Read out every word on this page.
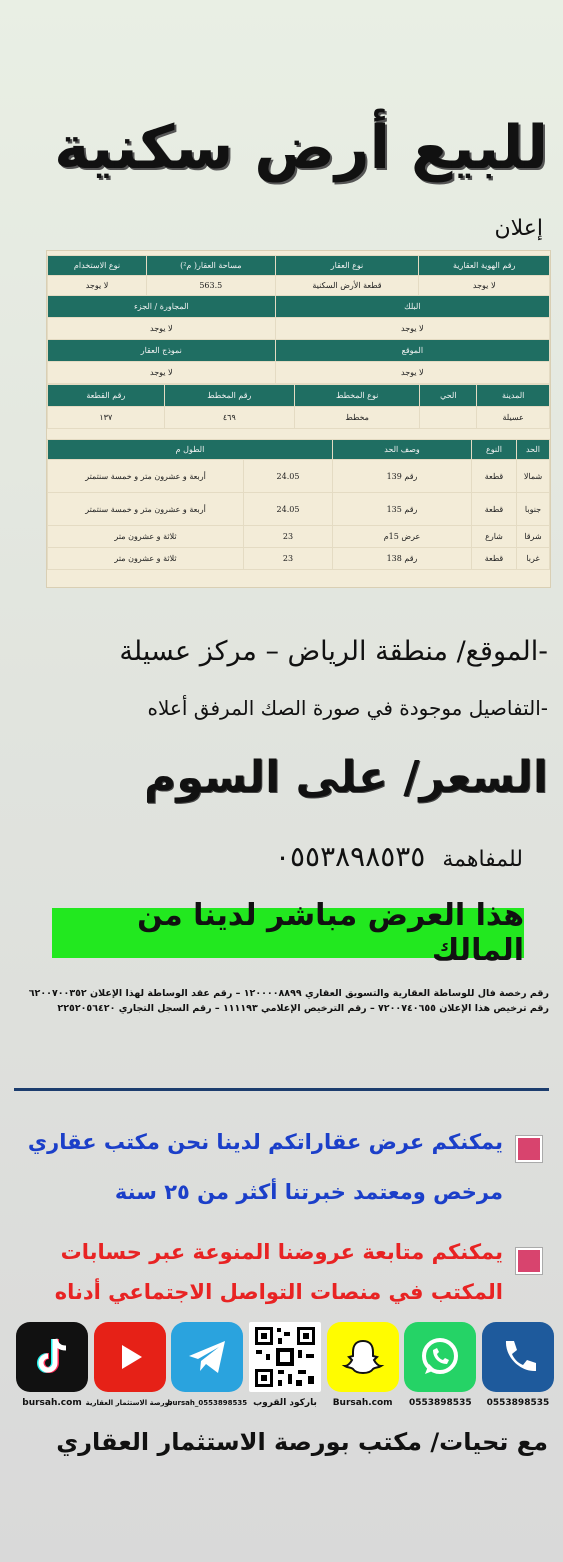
للبيع أرض سكنية
إعلان
رقم الهوية العقارية	نوع العقار	مساحة العقار( م²)	نوع الاستخدام
لا يوجد	قطعة الأرض السكنية	563.5	لا يوجد
البلك		المجاورة / الجزء	
لا يوجد		لا يوجد	
الموقع		نموذج العقار	
لا يوجد		لا يوجد	
المدينة	الحي	نوع المخطط	رقم المخطط	رقم القطعة
عسيلة		مخطط	٤٦٩	١٣٧
الحد	النوع	وصف الحد	الطول م	
شمالا	قطعة	رقم 139	24.05	أربعة و عشرون متر و خمسة سنتمتر
جنوبا	قطعة	رقم 135	24.05	أربعة و عشرون متر و خمسة سنتمتر
شرقا	شارع	عرض 15م	23	ثلاثة و عشرون متر
غربا	قطعة	رقم 138	23	ثلاثة و عشرون متر
-الموقع/ منطقة الرياض – مركز عسيلة
-التفاصيل موجودة في صورة الصك المرفق أعلاه
السعر/ على السوم
للمفاهمة ٠٥٥٣٨٩٨٥٣٥
هذا العرض مباشر لدينا من المالك
رقم رخصة فال للوساطة العقارية والتسويق العقاري ١٢٠٠٠٠٨٨٩٩ – رقم عقد الوساطة لهذا الإعلان ٦٢٠٠٧٠٠٣٥٢
رقم ترخيص هذا الإعلان ٧٢٠٠٧٤٠٦٥٥ – رقم الترخيص الإعلامي ١١١١٩٣ – رقم السجل التجاري ٢٢٥٢٠٥٦٤٢٠
يمكنكم عرض عقاراتكم لدينا نحن مكتب عقاري
مرخص ومعتمد خبرتنا أكثر من ٢٥ سنة
يمكنكم متابعة عروضنا المنوعة عبر حسابات
المكتب في منصات التواصل الاجتماعي أدناه
bursah.com بورصة الاستثمار العقارية
bursah_0553898535 باركود القروب	Bursah.com	0553898535	0553898535
مع تحيات/ مكتب بورصة الاستثمار العقاري
